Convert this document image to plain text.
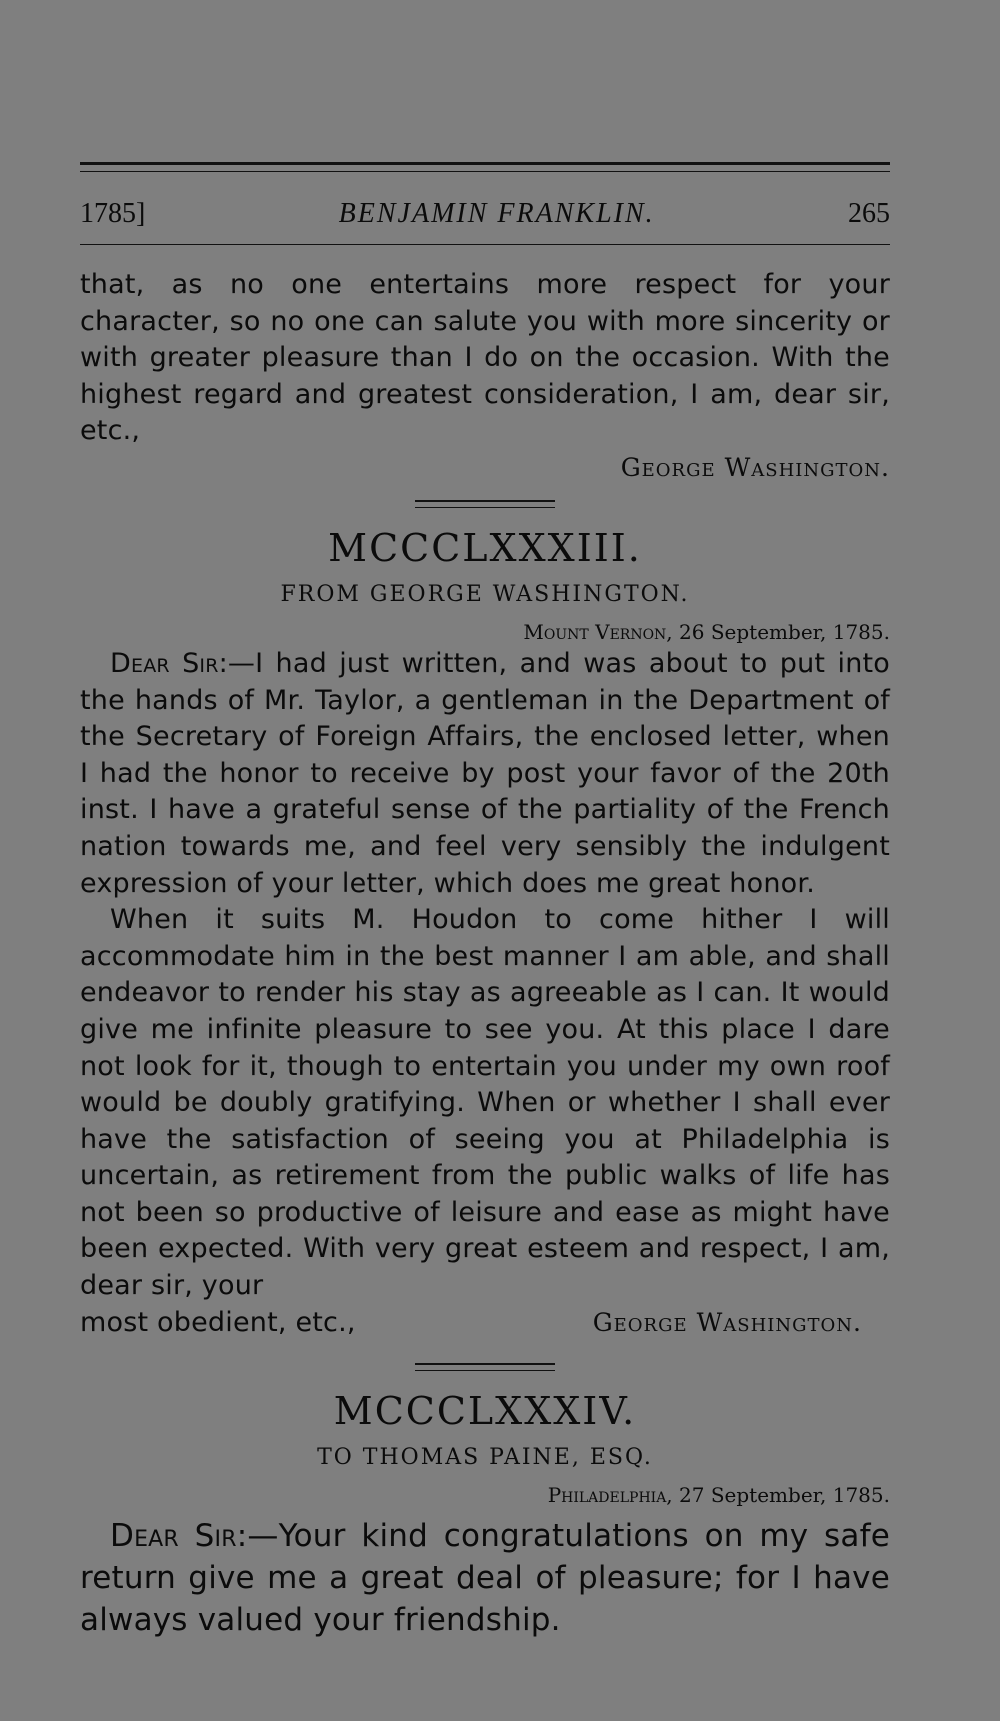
1785]	BENJAMIN FRANKLIN.	265

that, as no one entertains more respect for your character, so no one can salute you with more sincerity or with greater pleasure than I do on the occasion. With the highest regard and greatest consideration, I am, dear sir, etc.,

George Washington.
MCCCLXXXIII.
FROM GEORGE WASHINGTON.
Mount Vernon, 26 September, 1785.

Dear Sir:—I had just written, and was about to put into the hands of Mr. Taylor, a gentleman in the Department of the Secretary of Foreign Affairs, the enclosed letter, when I had the honor to receive by post your favor of the 20th inst. I have a grateful sense of the partiality of the French nation towards me, and feel very sensibly the indulgent expression of your letter, which does me great honor.

When it suits M. Houdon to come hither I will accommodate him in the best manner I am able, and shall endeavor to render his stay as agreeable as I can. It would give me infinite pleasure to see you. At this place I dare not look for it, though to entertain you under my own roof would be doubly gratifying. When or whether I shall ever have the satisfaction of seeing you at Philadelphia is uncertain, as retirement from the public walks of life has not been so productive of leisure and ease as might have been expected. With very great esteem and respect, I am, dear sir, your

most obedient, etc.,	George Washington.

MCCCLXXXIV.
TO THOMAS PAINE, ESQ.
Philadelphia, 27 September, 1785.

Dear Sir:—Your kind congratulations on my safe return give me a great deal of pleasure; for I have always valued your friendship.
